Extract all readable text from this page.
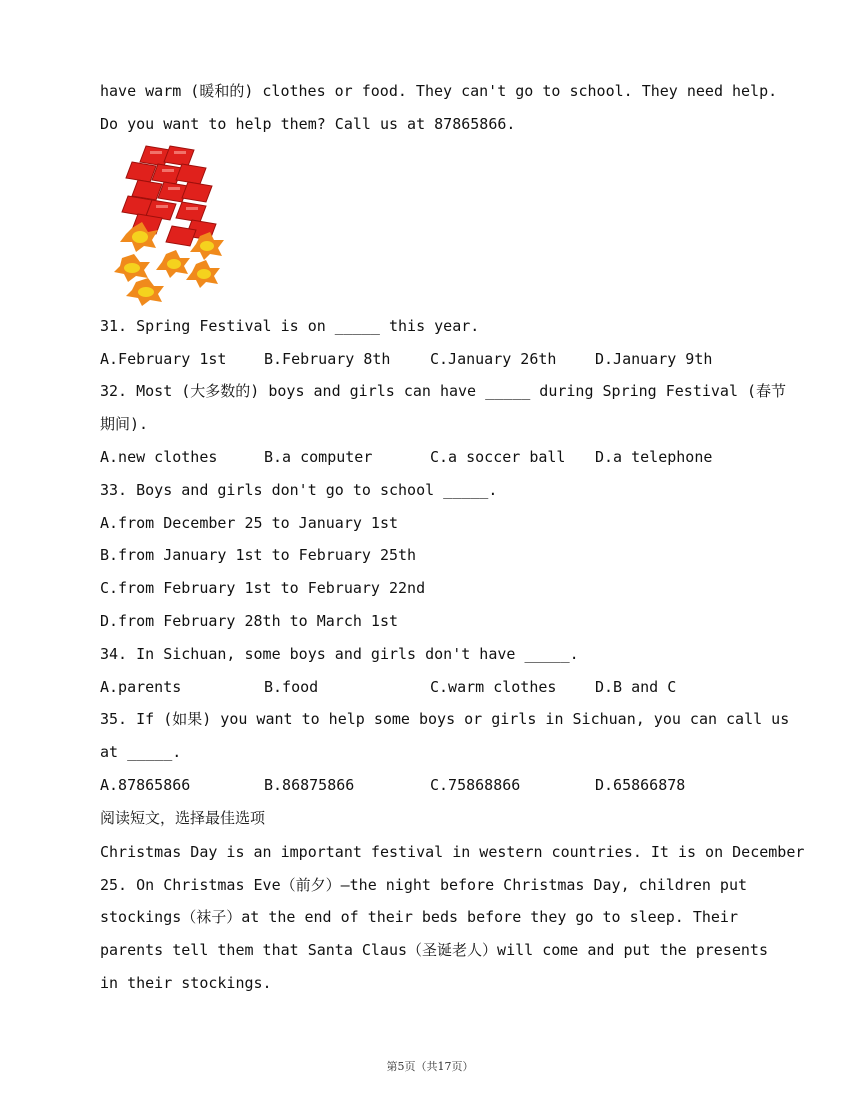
have warm (暖和的) clothes or food. They can't go to school. They need help.
Do you want to help them? Call us at 87865866.
31. Spring Festival is on _____ this year.
A.February 1st	B.February 8th	C.January 26th	D.January 9th
32. Most (大多数的) boys and girls can have _____ during Spring Festival (春节
期间).
A.new clothes	B.a computer	C.a soccer ball D.a telephone
33. Boys and girls don't go to school _____.
A.from December 25 to January 1st
B.from January 1st to February 25th
C.from February 1st to February 22nd
D.from February 28th to March 1st
34. In Sichuan, some boys and girls don't have _____.
A.parents	B.food	C.warm clothes	D.B and C
35. If (如果) you want to help some boys or girls in Sichuan, you can call us
at _____.
A.87865866	B.86875866	C.75868866	D.65866878
阅读短文，选择最佳选项
Christmas Day is an important festival in western countries. It is on December
25. On Christmas Eve（前夕）—the night before Christmas Day, children put
stockings（袜子）at the end of their beds before they go to sleep. Their
parents tell them that Santa Claus（圣诞老人）will come and put the presents
in their stockings.
第5页（共17页）
